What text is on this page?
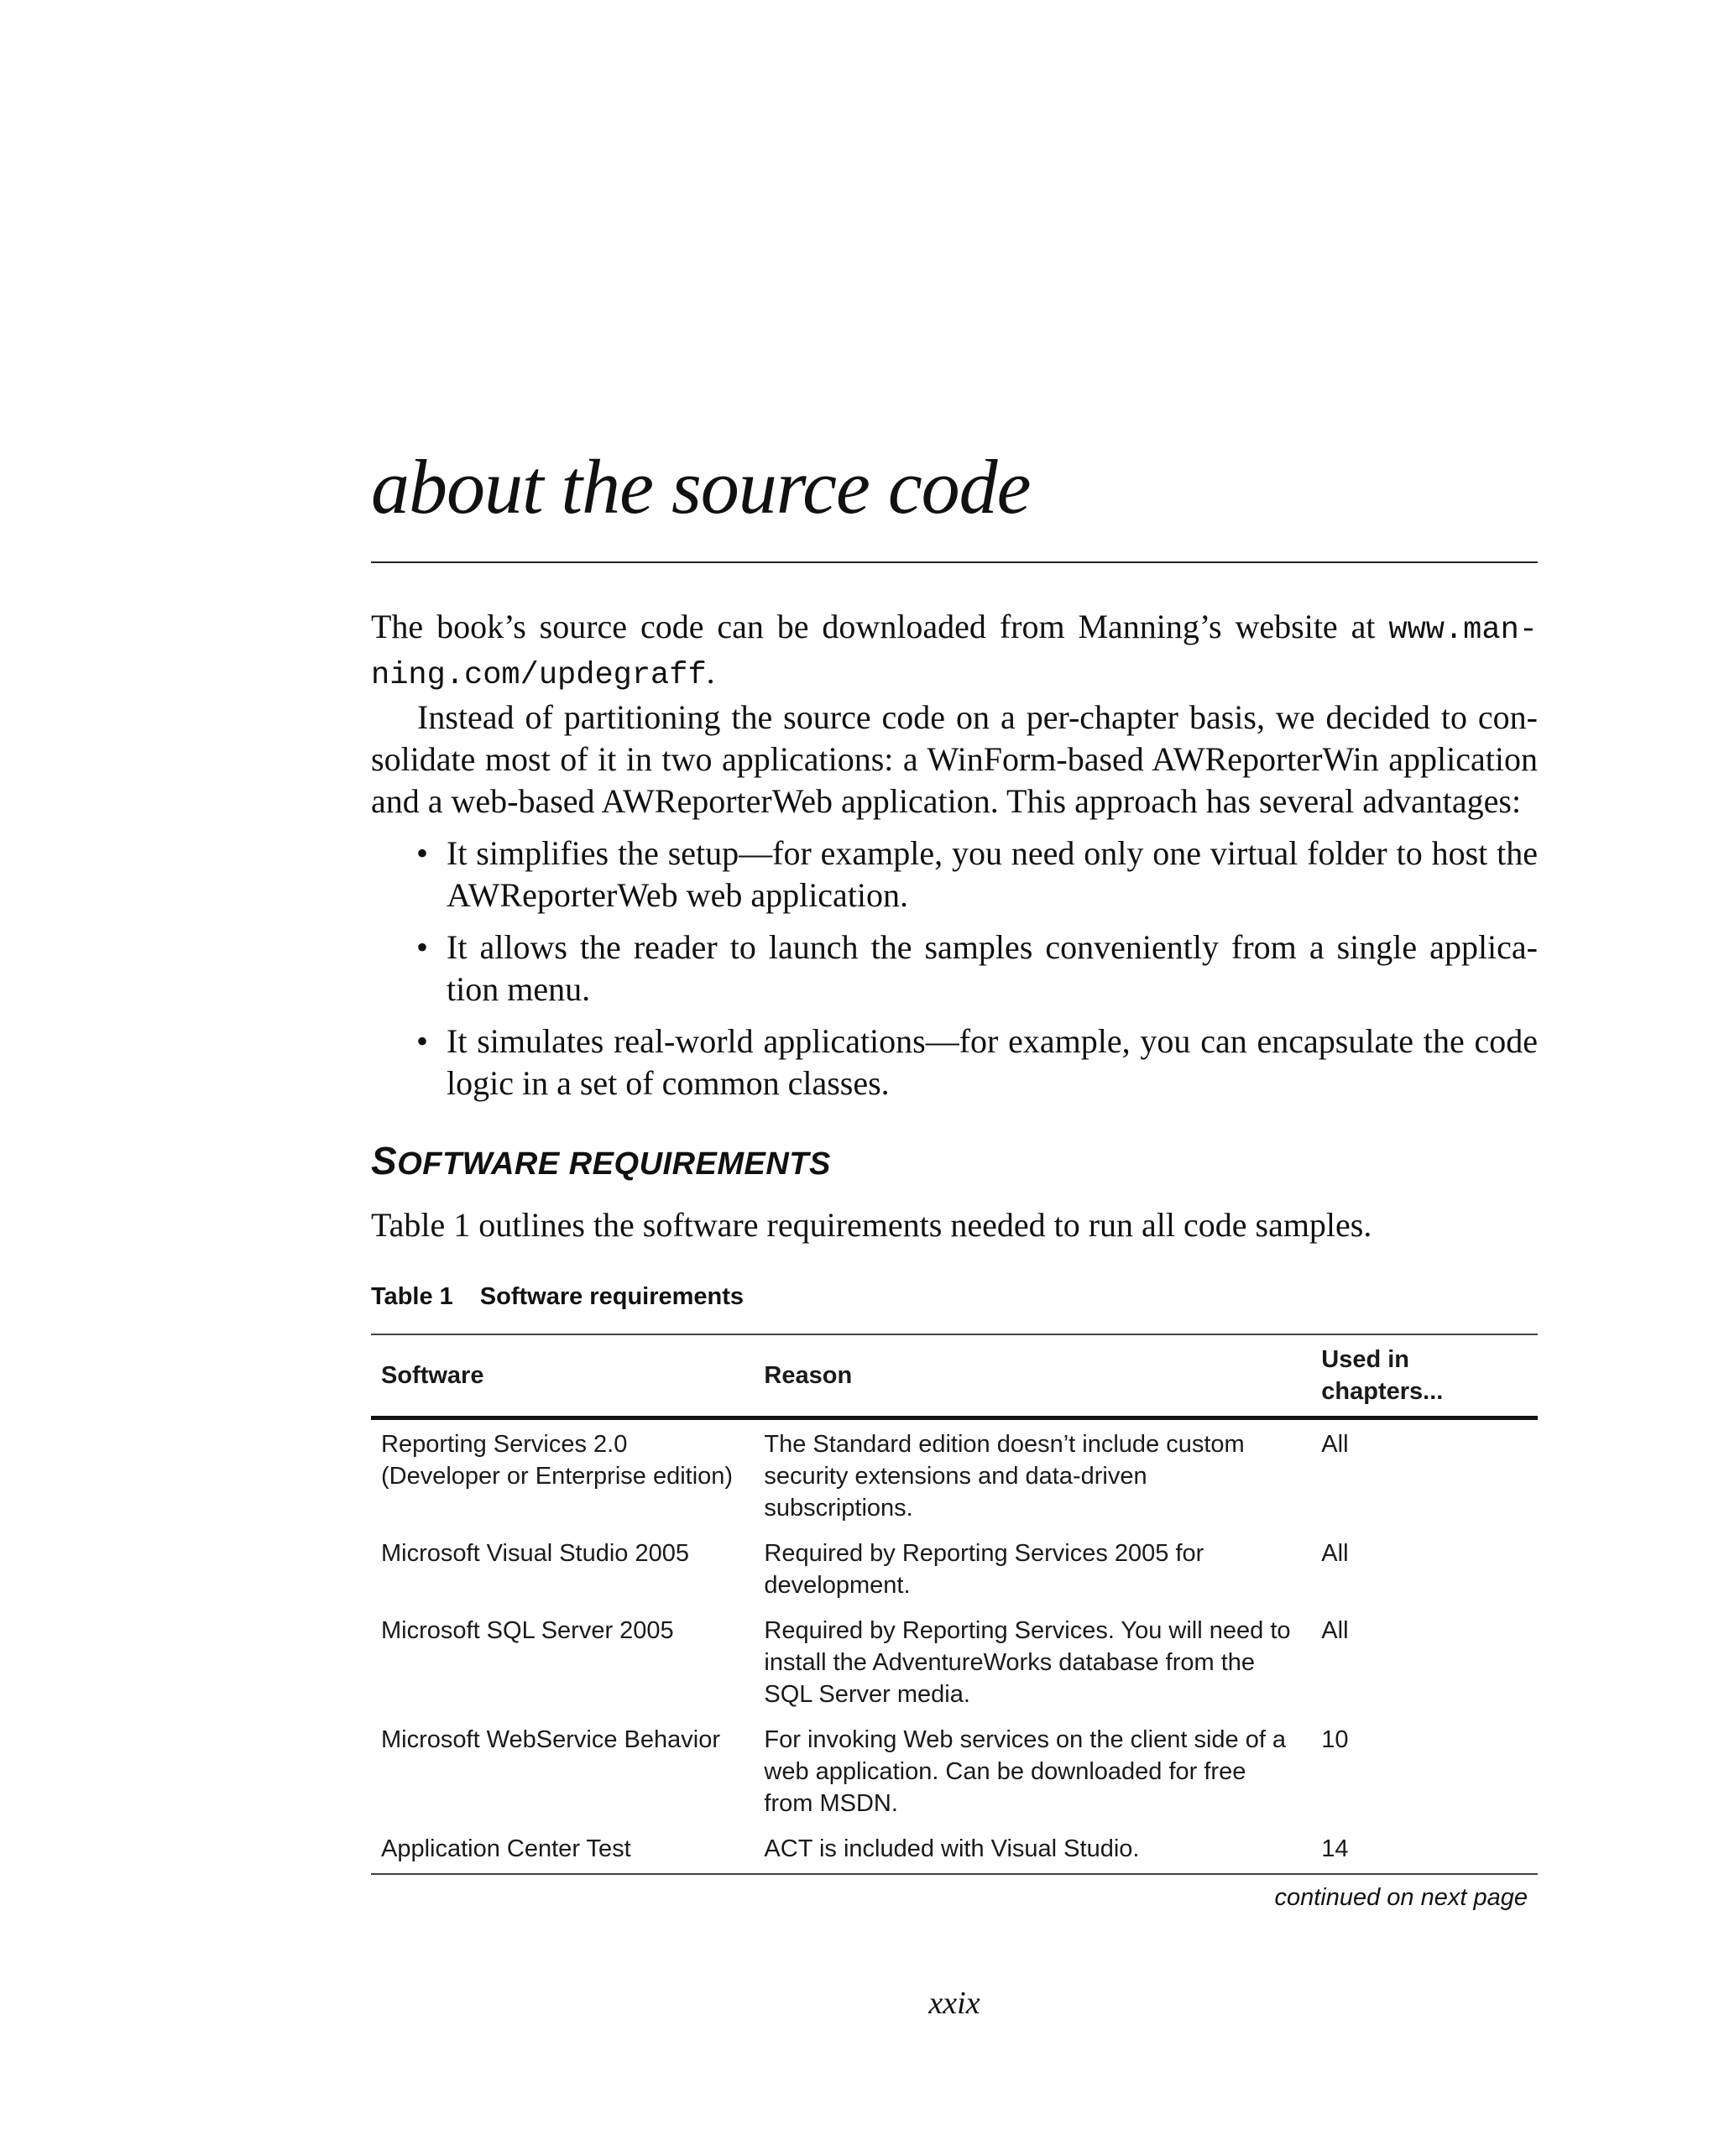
about the source code

The book’s source code can be downloaded from Manning’s website at www.man-ning.com/updegraff.

Instead of partitioning the source code on a per-chapter basis, we decided to con-solidate most of it in two applications: a WinForm-based AWReporterWin application and a web-based AWReporterWeb application. This approach has several advantages:

• It simplifies the setup—for example, you need only one virtual folder to host the AWReporterWeb web application.
• It allows the reader to launch the samples conveniently from a single applica-tion menu.
• It simulates real-world applications—for example, you can encapsulate the code logic in a set of common classes.
SOFTWARE REQUIREMENTS

Table 1 outlines the software requirements needed to run all code samples.

Table 1 Software requirements
Software	Reason	Used in chapters...
Reporting Services 2.0 (Developer or Enterprise edition)	The Standard edition doesn’t include custom security extensions and data-driven subscriptions.	All
Microsoft Visual Studio 2005	Required by Reporting Services 2005 for development.	All
Microsoft SQL Server 2005	Required by Reporting Services. You will need to install the AdventureWorks database from the SQL Server media.	All
Microsoft WebService Behavior	For invoking Web services on the client side of a web application. Can be downloaded for free from MSDN.	10
Application Center Test	ACT is included with Visual Studio.	14
continued on next page
xxix
